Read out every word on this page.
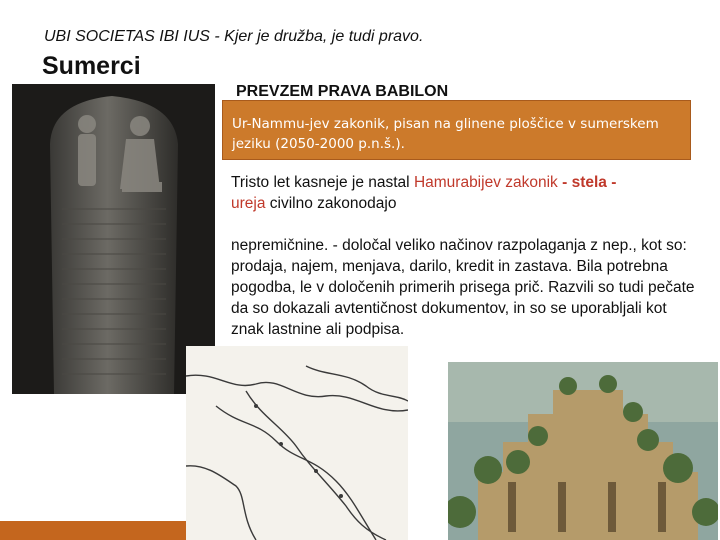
UBI SOCIETAS IBI IUS - Kjer je družba, je tudi pravo.
Sumerci
PREVZEM PRAVA BABILON

Ur-Nammu-jev zakonik, pisan na glinene ploščice v sumerskem jeziku (2050-2000 p.n.š.).

Tristo let kasneje je nastal Hamurabijev zakonik - stela -
ureja civilno zakonodajo

nepremičnine. - določal veliko načinov razpolaganja z nep., kot so: prodaja, najem, menjava, darilo, kredit in zastava. Bila potrebna pogodba, le v določenih primerih prisega prič. Razvili so tudi pečate da so dokazali avtentičnost dokumentov, in so se uporabljali kot znak lastnine ali podpisa.
